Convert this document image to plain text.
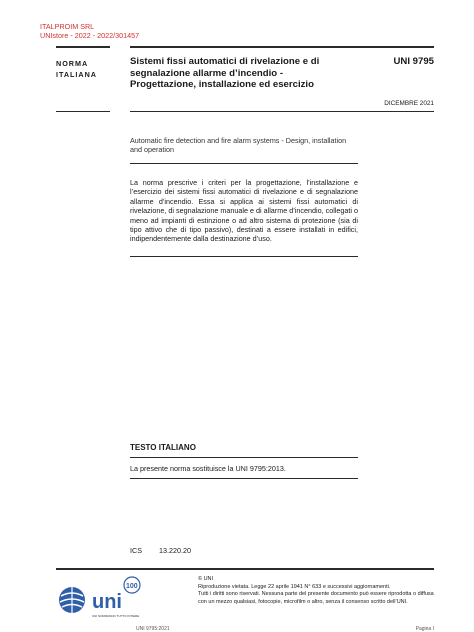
ITALPROIM SRL
UNIstore - 2022 - 2022/301457
NORMA
ITALIANA
Sistemi fissi automatici di rivelazione e di segnalazione allarme d’incendio - Progettazione, installazione ed esercizio
UNI 9795
DICEMBRE 2021
Automatic fire detection and fire alarm systems - Design, installation and operation
La norma prescrive i criteri per la progettazione, l’installazione e l’esercizio dei sistemi fissi automatici di rivelazione e di segnalazione allarme d’incendio. Essa si applica ai sistemi fissi automatici di rivelazione, di segnalazione manuale e di allarme d’incendio, collegati o meno ad impianti di estinzione o ad altro sistema di protezione (sia di tipo attivo che di tipo passivo), destinati a essere installati in edifici, indipendentemente dalla destinazione d’uso.
TESTO ITALIANO
La presente norma sostituisce la UNI 9795:2013.
ICS 13.220.20
uni
100
UNI NORMANDO TUTTO INTIERE
© UNI
Riproduzione vietata. Legge 22 aprile 1941 N° 633 e successivi aggiornamenti.
Tutti i diritti sono riservati. Nessuna parte del presente documento può essere riprodotta o diffusa con un mezzo qualsiasi, fotocopie, microfilm o altro, senza il consenso scritto dell’UNI.
UNI 9795:2021	Pagina I
